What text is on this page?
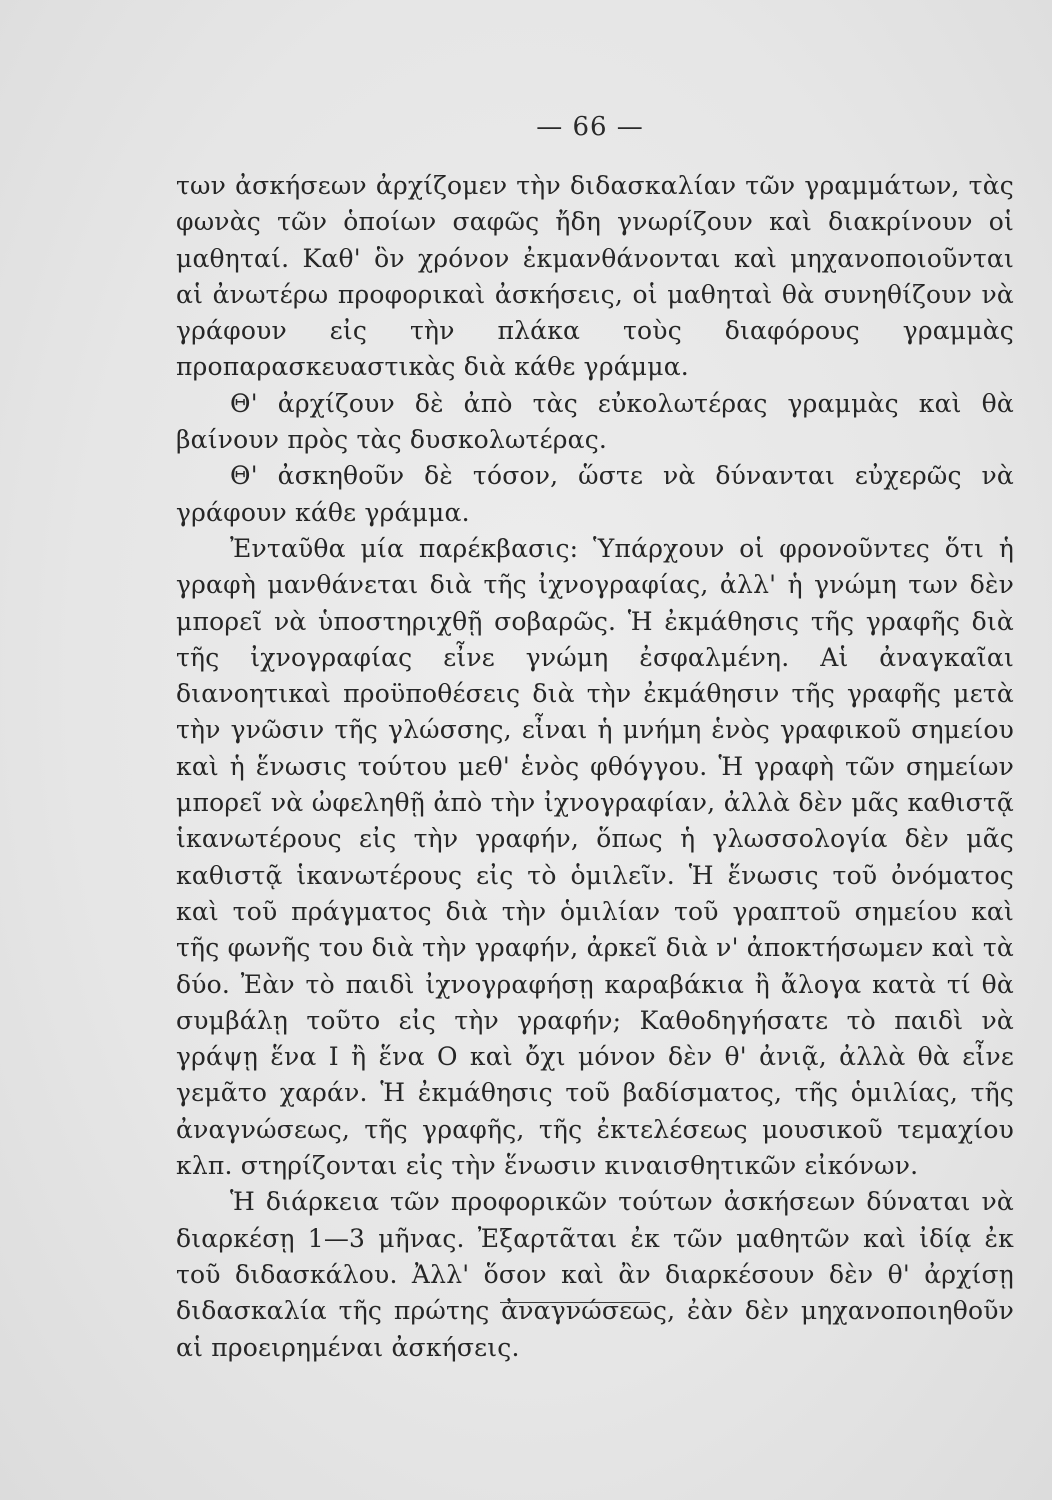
— 66 —

των ἀσκήσεων ἀρχίζομεν τὴν διδασκαλίαν τῶν γραμμάτων, τὰς φωνὰς τῶν ὁποίων σαφῶς ἤδη γνωρίζουν καὶ διακρίνουν οἱ μαθηταί. Καθ' ὃν χρόνον ἐκμανθάνονται καὶ μηχανοποιοῦνται αἱ ἀνωτέρω προφορικαὶ ἀσκήσεις, οἱ μαθηταὶ θὰ συνηθίζουν νὰ γράφουν εἰς τὴν πλάκα τοὺς διαφόρους γραμμὰς προπαρασκευαστικὰς διὰ κάθε γράμμα.

Θ' ἀρχίζουν δὲ ἀπὸ τὰς εὐκολωτέρας γραμμὰς καὶ θὰ βαίνουν πρὸς τὰς δυσκολωτέρας.

Θ' ἀσκηθοῦν δὲ τόσον, ὥστε νὰ δύνανται εὐχερῶς νὰ γράφουν κάθε γράμμα.

Ἐνταῦθα μία παρέκβασις: Ὑπάρχουν οἱ φρονοῦντες ὅτι ἡ γραφὴ μανθάνεται διὰ τῆς ἰχνογραφίας, ἀλλ' ἡ γνώμη των δὲν μπορεῖ νὰ ὑποστηριχθῇ σοβαρῶς. Ἡ ἐκμάθησις τῆς γραφῆς διὰ τῆς ἰχνογραφίας εἶνε γνώμη ἐσφαλμένη. Αἱ ἀναγκαῖαι διανοητικαὶ προϋποθέσεις διὰ τὴν ἐκμάθησιν τῆς γραφῆς μετὰ τὴν γνῶσιν τῆς γλώσσης, εἶναι ἡ μνήμη ἑνὸς γραφικοῦ σημείου καὶ ἡ ἕνωσις τούτου μεθ' ἑνὸς φθόγγου. Ἡ γραφὴ τῶν σημείων μπορεῖ νὰ ὠφεληθῇ ἀπὸ τὴν ἰχνογραφίαν, ἀλλὰ δὲν μᾶς καθιστᾷ ἱκανωτέρους εἰς τὴν γραφήν, ὅπως ἡ γλωσσολογία δὲν μᾶς καθιστᾷ ἱκανωτέρους εἰς τὸ ὁμιλεῖν. Ἡ ἕνωσις τοῦ ὀνόματος καὶ τοῦ πράγματος διὰ τὴν ὁμιλίαν τοῦ γραπτοῦ σημείου καὶ τῆς φωνῆς του διὰ τὴν γραφήν, ἀρκεῖ διὰ ν' ἀποκτήσωμεν καὶ τὰ δύο. Ἐὰν τὸ παιδὶ ἰχνογραφήσῃ καραβάκια ἢ ἄλογα κατὰ τί θὰ συμβάλῃ τοῦτο εἰς τὴν γραφήν; Καθοδηγήσατε τὸ παιδὶ νὰ γράψῃ ἕνα Ι ἢ ἕνα Ο καὶ ὄχι μόνον δὲν θ' ἀνιᾷ, ἀλλὰ θὰ εἶνε γεμᾶτο χαράν. Ἡ ἐκμάθησις τοῦ βαδίσματος, τῆς ὁμιλίας, τῆς ἀναγνώσεως, τῆς γραφῆς, τῆς ἐκτελέσεως μουσικοῦ τεμαχίου κλπ. στηρίζονται εἰς τὴν ἕνωσιν κιναισθητικῶν εἰκόνων.

Ἡ διάρκεια τῶν προφορικῶν τούτων ἀσκήσεων δύναται νὰ διαρκέσῃ 1—3 μῆνας. Ἐξαρτᾶται ἐκ τῶν μαθητῶν καὶ ἰδίᾳ ἐκ τοῦ διδασκάλου. Ἀλλ' ὅσον καὶ ἂν διαρκέσουν δὲν θ' ἀρχίσῃ διδασκαλία τῆς πρώτης ἀναγνώσεως, ἐὰν δὲν μηχανοποιηθοῦν αἱ προειρημέναι ἀσκήσεις.
